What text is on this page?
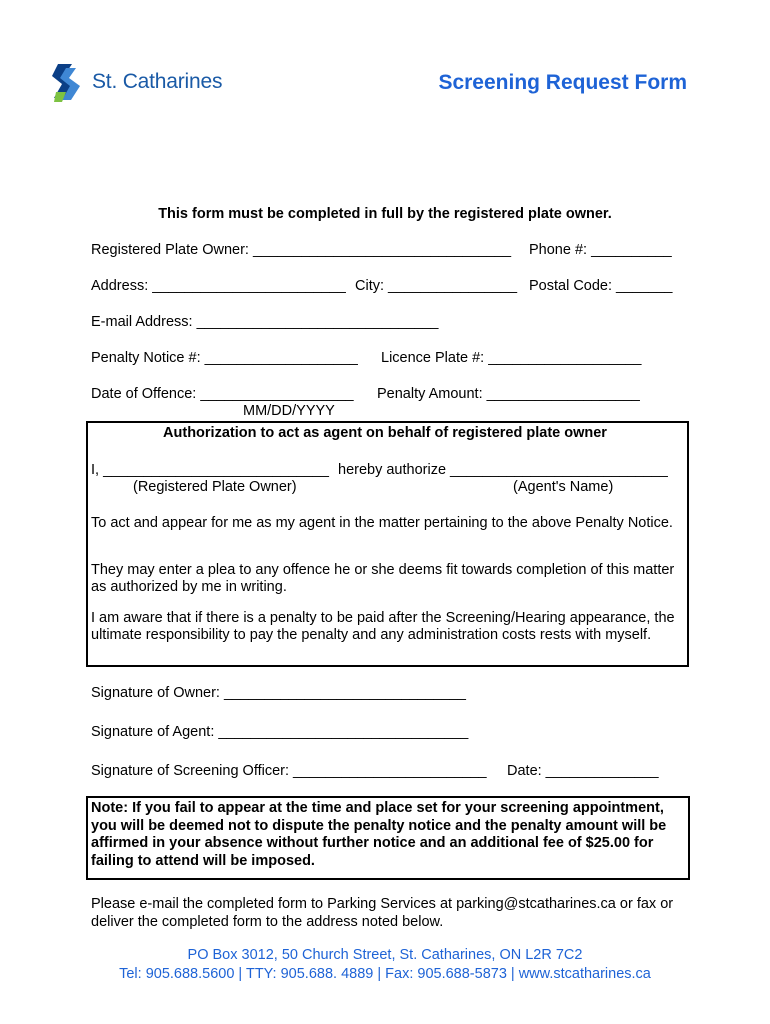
St. Catharines	Screening Request Form
This form must be completed in full by the registered plate owner.
Registered Plate Owner: ________________________________ Phone #: __________
Address: ________________________ City: ________________ Postal Code: _______
E-mail Address: ______________________________
Penalty Notice #: ___________________ Licence Plate #: ___________________
Date of Offence: ___________________ Penalty Amount: ___________________
MM/DD/YYYY
Authorization to act as agent on behalf of registered plate owner
I, ____________________________ hereby authorize ___________________________
(Registered Plate Owner)	(Agent's Name)
To act and appear for me as my agent in the matter pertaining to the above Penalty Notice.
They may enter a plea to any offence he or she deems fit towards completion of this matter as authorized by me in writing.
I am aware that if there is a penalty to be paid after the Screening/Hearing appearance, the ultimate responsibility to pay the penalty and any administration costs rests with myself.
Signature of Owner: ______________________________
Signature of Agent: _______________________________
Signature of Screening Officer: ________________________ Date: ______________
Note: If you fail to appear at the time and place set for your screening appointment, you will be deemed not to dispute the penalty notice and the penalty amount will be affirmed in your absence without further notice and an additional fee of $25.00 for failing to attend will be imposed.
Please e-mail the completed form to Parking Services at parking@stcatharines.ca or fax or deliver the completed form to the address noted below.
PO Box 3012, 50 Church Street, St. Catharines, ON L2R 7C2
Tel: 905.688.5600 | TTY: 905.688. 4889 | Fax: 905.688-5873 | www.stcatharines.ca
